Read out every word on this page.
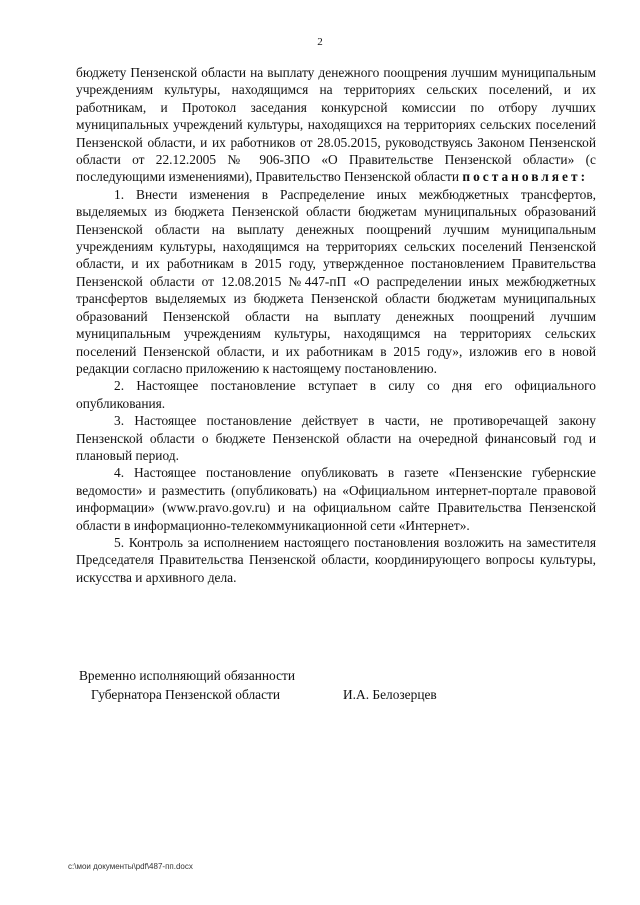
2

бюджету Пензенской области на выплату денежного поощрения лучшим муниципальным учреждениям культуры, находящимся на территориях сельских поселений, и их работникам, и Протокол заседания конкурсной комиссии по отбору лучших муниципальных учреждений культуры, находящихся на территориях сельских поселений Пензенской области, и их работников от 28.05.2015, руководствуясь Законом Пензенской области от 22.12.2005 № 906-ЗПО «О Правительстве Пензенской области» (с последующими изменениями), Правительство Пензенской области постановляет:

1. Внести изменения в Распределение иных межбюджетных трансфертов, выделяемых из бюджета Пензенской области бюджетам муниципальных образований Пензенской области на выплату денежных поощрений лучшим муниципальным учреждениям культуры, находящимся на территориях сельских поселений Пензенской области, и их работникам в 2015 году, утвержденное постановлением Правительства Пензенской области от 12.08.2015 №447-пП «О распределении иных межбюджетных трансфертов выделяемых из бюджета Пензенской области бюджетам муниципальных образований Пензенской области на выплату денежных поощрений лучшим муниципальным учреждениям культуры, находящимся на территориях сельских поселений Пензенской области, и их работникам в 2015 году», изложив его в новой редакции согласно приложению к настоящему постановлению.

2. Настоящее постановление вступает в силу со дня его официального опубликования.

3. Настоящее постановление действует в части, не противоречащей закону Пензенской области о бюджете Пензенской области на очередной финансовый год и плановый период.

4. Настоящее постановление опубликовать в газете «Пензенские губернские ведомости» и разместить (опубликовать) на «Официальном интернет-портале правовой информации» (www.pravo.gov.ru) и на официальном сайте Правительства Пензенской области в информационно-телекоммуникационной сети «Интернет».

5. Контроль за исполнением настоящего постановления возложить на заместителя Председателя Правительства Пензенской области, координирующего вопросы культуры, искусства и архивного дела.

Временно исполняющий обязанности
Губернатора Пензенской области	И.А. Белозерцев
c:\мои документы\pdf\487-пп.docx
